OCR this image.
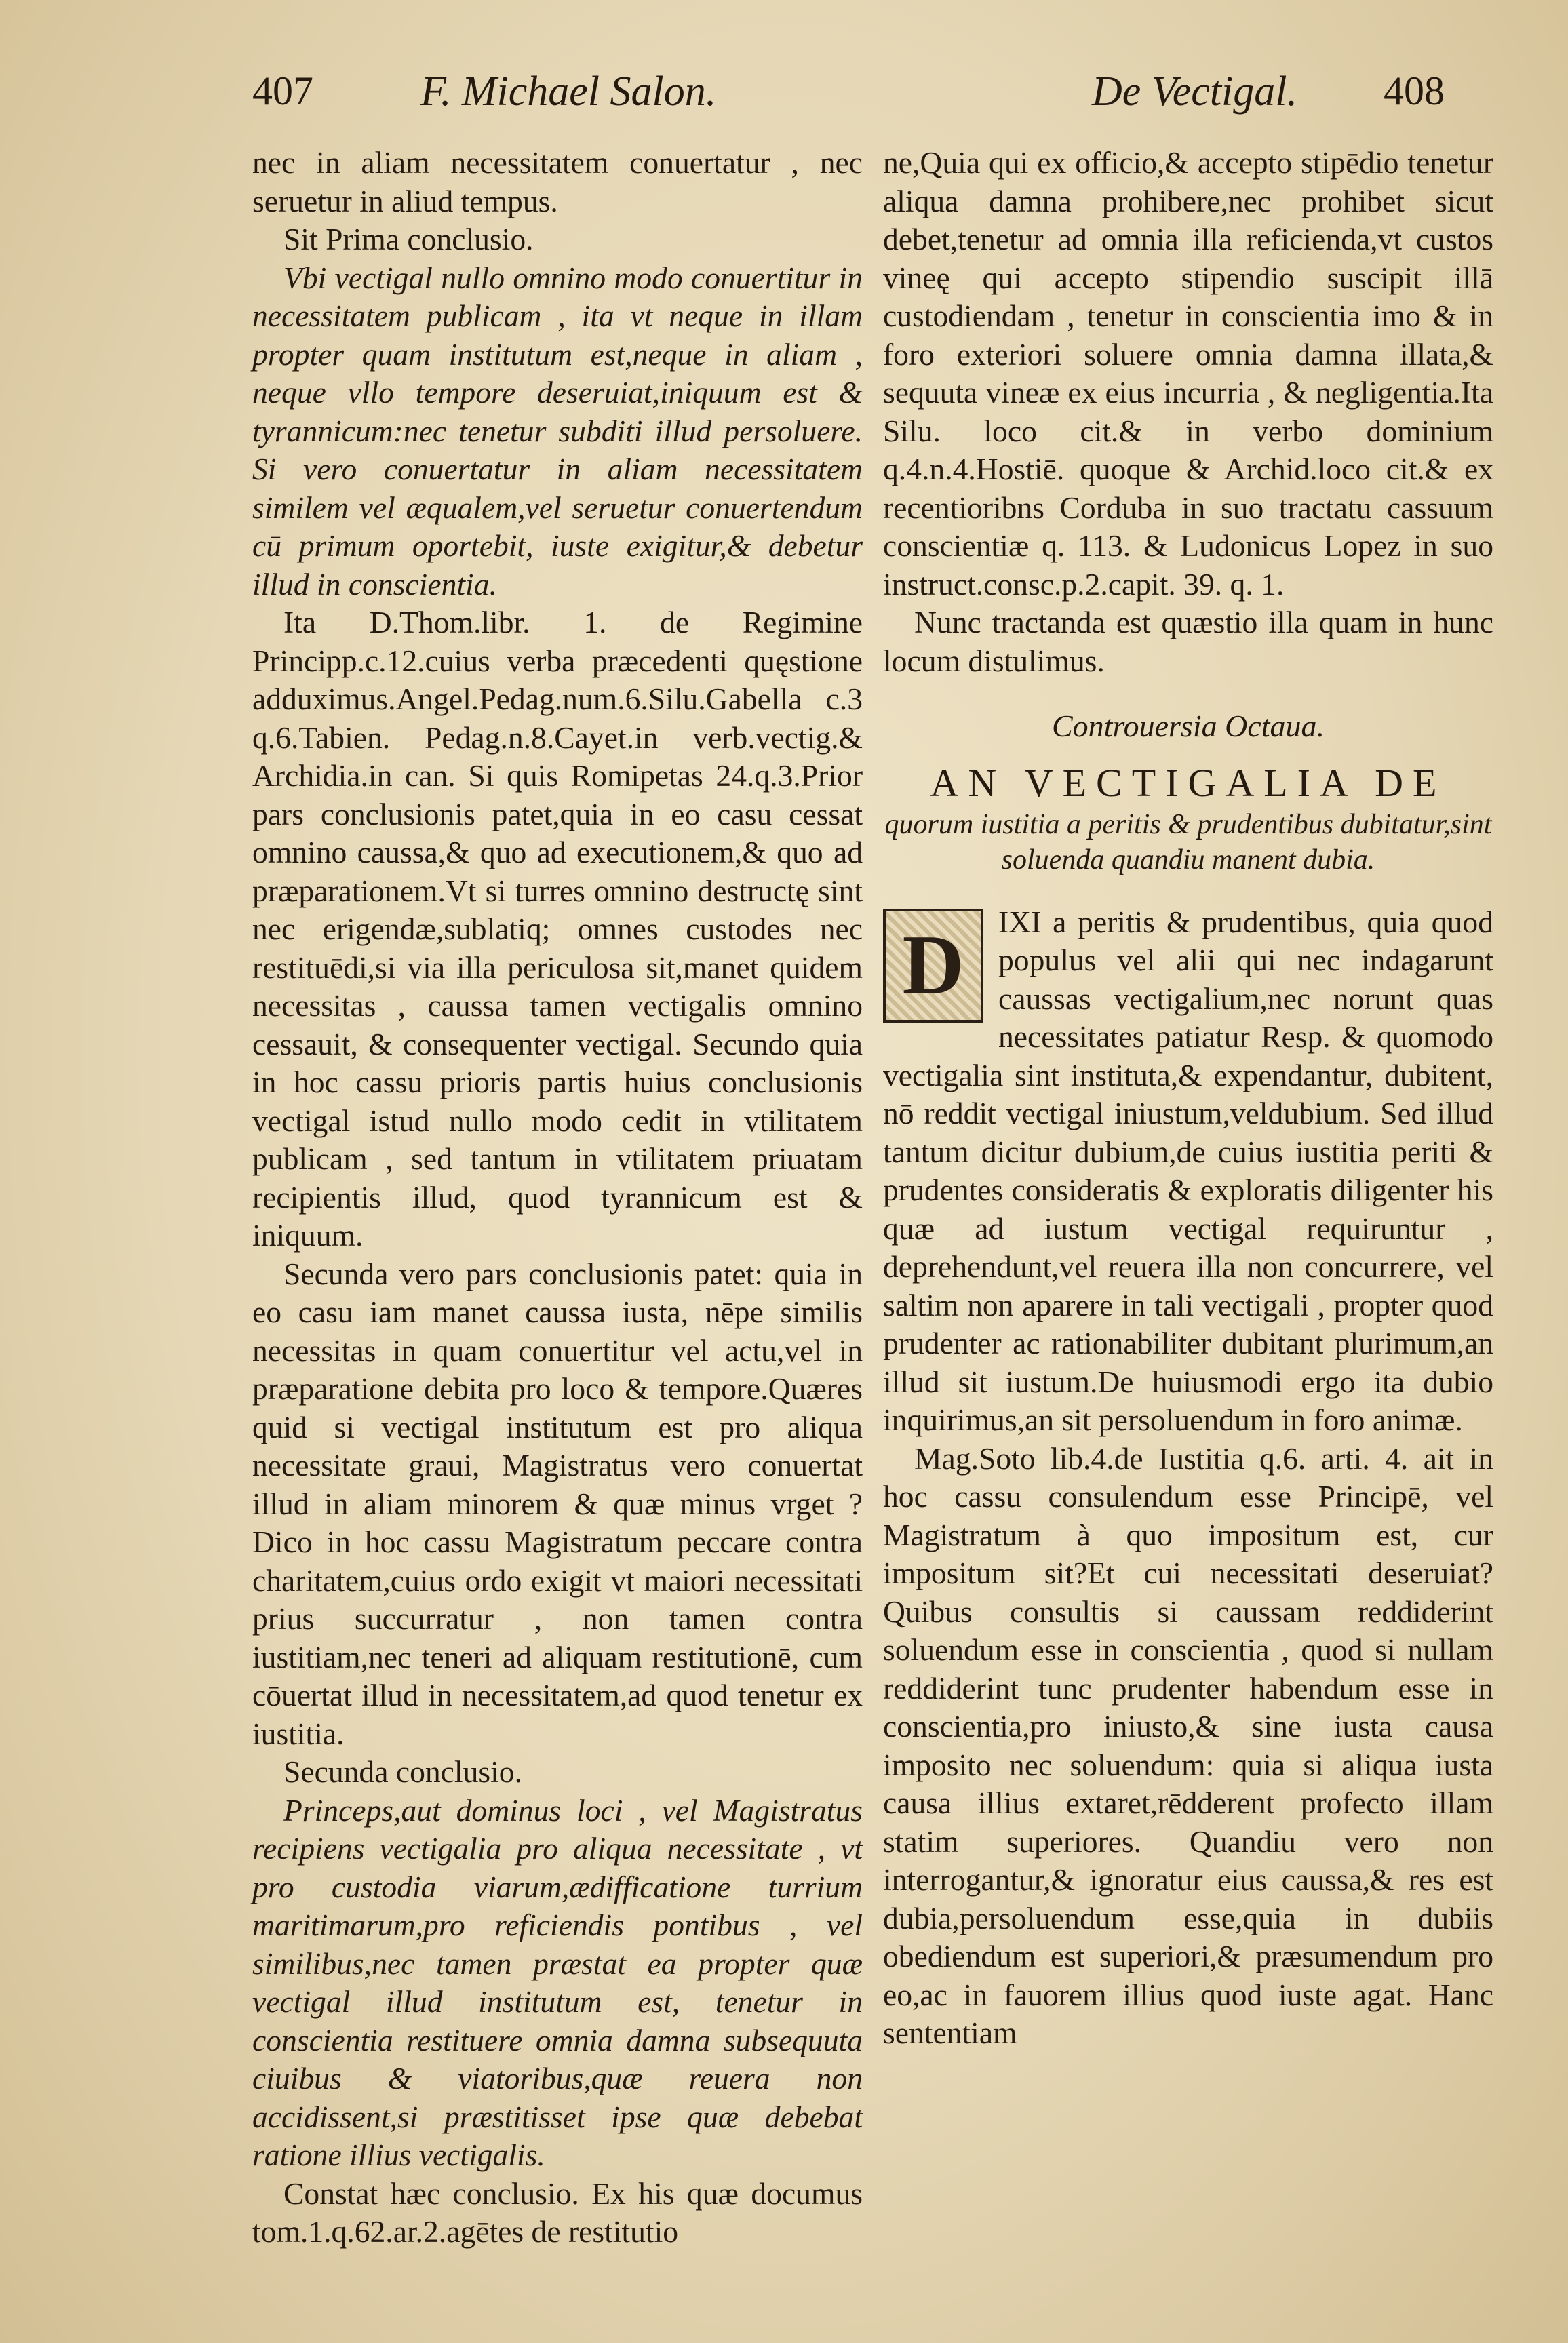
407	F. Michael Salon.	De Vectigal. 408

nec in aliam necessitatem conuertatur , nec seruetur in aliud tempus.

Sit Prima conclusio.

Vbi vectigal nullo omnino modo conuertitur in necessitatem publicam , ita vt neque in illam propter quam institutum est,neque in aliam , neque vllo tempore deseruiat,iniquum est & tyrannicum:nec tenetur subditi illud persoluere. Si vero conuertatur in aliam necessitatem similem vel æqualem,vel seruetur conuertendum cū primum oportebit, iuste exigitur,& debetur illud in conscientia.

Ita D.Thom.libr. 1. de Regimine Principp.c.12.cuius verba præcedenti quęstione adduximus.Angel.Pedag.num.6.Silu.Gabella c.3 q.6.Tabien. Pedag.n.8.Cayet.in verb.vectig.& Archidia.in can. Si quis Romipetas 24.q.3.Prior pars conclusionis patet,quia in eo casu cessat omnino caussa,& quo ad executionem,& quo ad præparationem.Vt si turres omnino destructę sint nec erigendæ,sublatiq; omnes custodes nec restituēdi,si via illa periculosa sit,manet quidem necessitas , caussa tamen vectigalis omnino cessauit, & consequenter vectigal. Secundo quia in hoc cassu prioris partis huius conclusionis vectigal istud nullo modo cedit in vtilitatem publicam , sed tantum in vtilitatem priuatam recipientis illud, quod tyrannicum est & iniquum.

Secunda vero pars conclusionis patet: quia in eo casu iam manet caussa iusta, nēpe similis necessitas in quam conuertitur vel actu,vel in præparatione debita pro loco & tempore.Quæres quid si vectigal institutum est pro aliqua necessitate graui, Magistratus vero conuertat illud in aliam minorem & quæ minus vrget ? Dico in hoc cassu Magistratum peccare contra charitatem,cuius ordo exigit vt maiori necessitati prius succurratur , non tamen contra iustitiam,nec teneri ad aliquam restitutionē, cum cōuertat illud in necessitatem,ad quod tenetur ex iustitia.

Secunda conclusio.

Princeps,aut dominus loci , vel Magistratus recipiens vectigalia pro aliqua necessitate , vt pro custodia viarum,ædifficatione turrium maritimarum,pro reficiendis pontibus , vel similibus,nec tamen præstat ea propter quæ vectigal illud institutum est, tenetur in conscientia restituere omnia damna subsequuta ciuibus & viatoribus,quæ reuera non accidissent,si præstitisset ipse quæ debebat ratione illius vectigalis.

Constat hæc conclusio. Ex his quæ documus tom.1.q.62.ar.2.agētes de restitutio

ne,Quia qui ex officio,& accepto stipēdio tenetur aliqua damna prohibere,nec prohibet sicut debet,tenetur ad omnia illa reficienda,vt custos vineę qui accepto stipendio suscipit illā custodiendam , tenetur in conscientia imo & in foro exteriori soluere omnia damna illata,& sequuta vineæ ex eius incurria , & negligentia.Ita Silu. loco cit.& in verbo dominium q.4.n.4.Hostiē. quoque & Archid.loco cit.& ex recentioribns Corduba in suo tractatu cassuum conscientiæ q. 113. & Ludonicus Lopez in suo instruct.consc.p.2.capit. 39. q. 1.

Nunc tractanda est quæstio illa quam in hunc locum distulimus.

Controuersia Octaua.

AN VECTIGALIA DE

quorum iustitia a peritis & prudentibus dubitatur,sint soluenda quandiu manent dubia.

D	IXI a peritis & prudentibus, quia quod populus vel alii qui nec indagarunt caussas vectigalium,nec norunt quas necessitates patiatur Resp. & quomodo vectigalia sint instituta,& expendantur, dubitent, nō reddit vectigal iniustum,veldubium. Sed illud tantum dicitur dubium,de cuius iustitia periti & prudentes consideratis & exploratis diligenter his quæ ad iustum vectigal requiruntur , deprehendunt,vel reuera illa non concurrere, vel saltim non aparere in tali vectigali , propter quod prudenter ac rationabiliter dubitant plurimum,an illud sit iustum.De huiusmodi ergo ita dubio inquirimus,an sit persoluendum in foro animæ.

Mag.Soto lib.4.de Iustitia q.6. arti. 4. ait in hoc cassu consulendum esse Principē, vel Magistratum à quo impositum est, cur impositum sit?Et cui necessitati deseruiat? Quibus consultis si caussam reddiderint soluendum esse in conscientia , quod si nullam reddiderint tunc prudenter habendum esse in conscientia,pro iniusto,& sine iusta causa imposito nec soluendum: quia si aliqua iusta causa illius extaret,rēdderent profecto illam statim superiores. Quandiu vero non interrogantur,& ignoratur eius caussa,& res est dubia,persoluendum esse,quia in dubiis obediendum est superiori,& præsumendum pro eo,ac in fauorem illius quod iuste agat. Hanc sententiam
